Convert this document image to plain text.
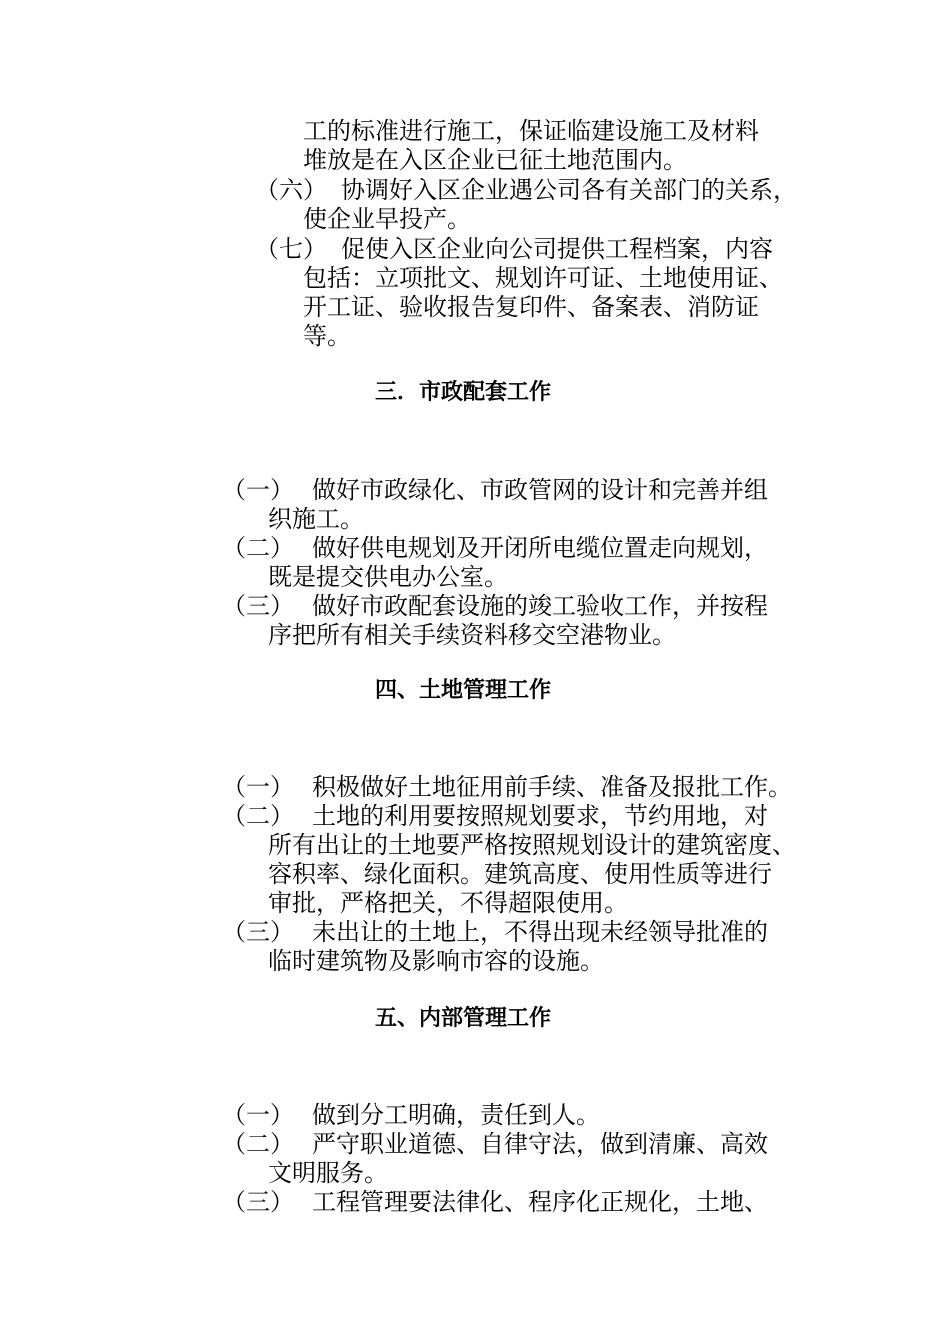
工的标准进行施工，保证临建设施工及材料
堆放是在入区企业已征土地范围内。
（六） 协调好入区企业遇公司各有关部门的关系，
使企业早投产。
（七） 促使入区企业向公司提供工程档案，内容
包括：立项批文、规划许可证、土地使用证、
开工证、验收报告复印件、备案表、消防证
等。
三．市政配套工作
（一） 做好市政绿化、市政管网的设计和完善并组
织施工。
（二） 做好供电规划及开闭所电缆位置走向规划，
既是提交供电办公室。
（三） 做好市政配套设施的竣工验收工作，并按程
序把所有相关手续资料移交空港物业。
四、土地管理工作
（一） 积极做好土地征用前手续、准备及报批工作。
（二） 土地的利用要按照规划要求，节约用地，对
所有出让的土地要严格按照规划设计的建筑密度、
容积率、绿化面积。建筑高度、使用性质等进行
审批，严格把关，不得超限使用。
（三） 未出让的土地上，不得出现未经领导批准的
临时建筑物及影响市容的设施。
五、内部管理工作
（一） 做到分工明确，责任到人。
（二） 严守职业道德、自律守法，做到清廉、高效
文明服务。
（三） 工程管理要法律化、程序化正规化，土地、
